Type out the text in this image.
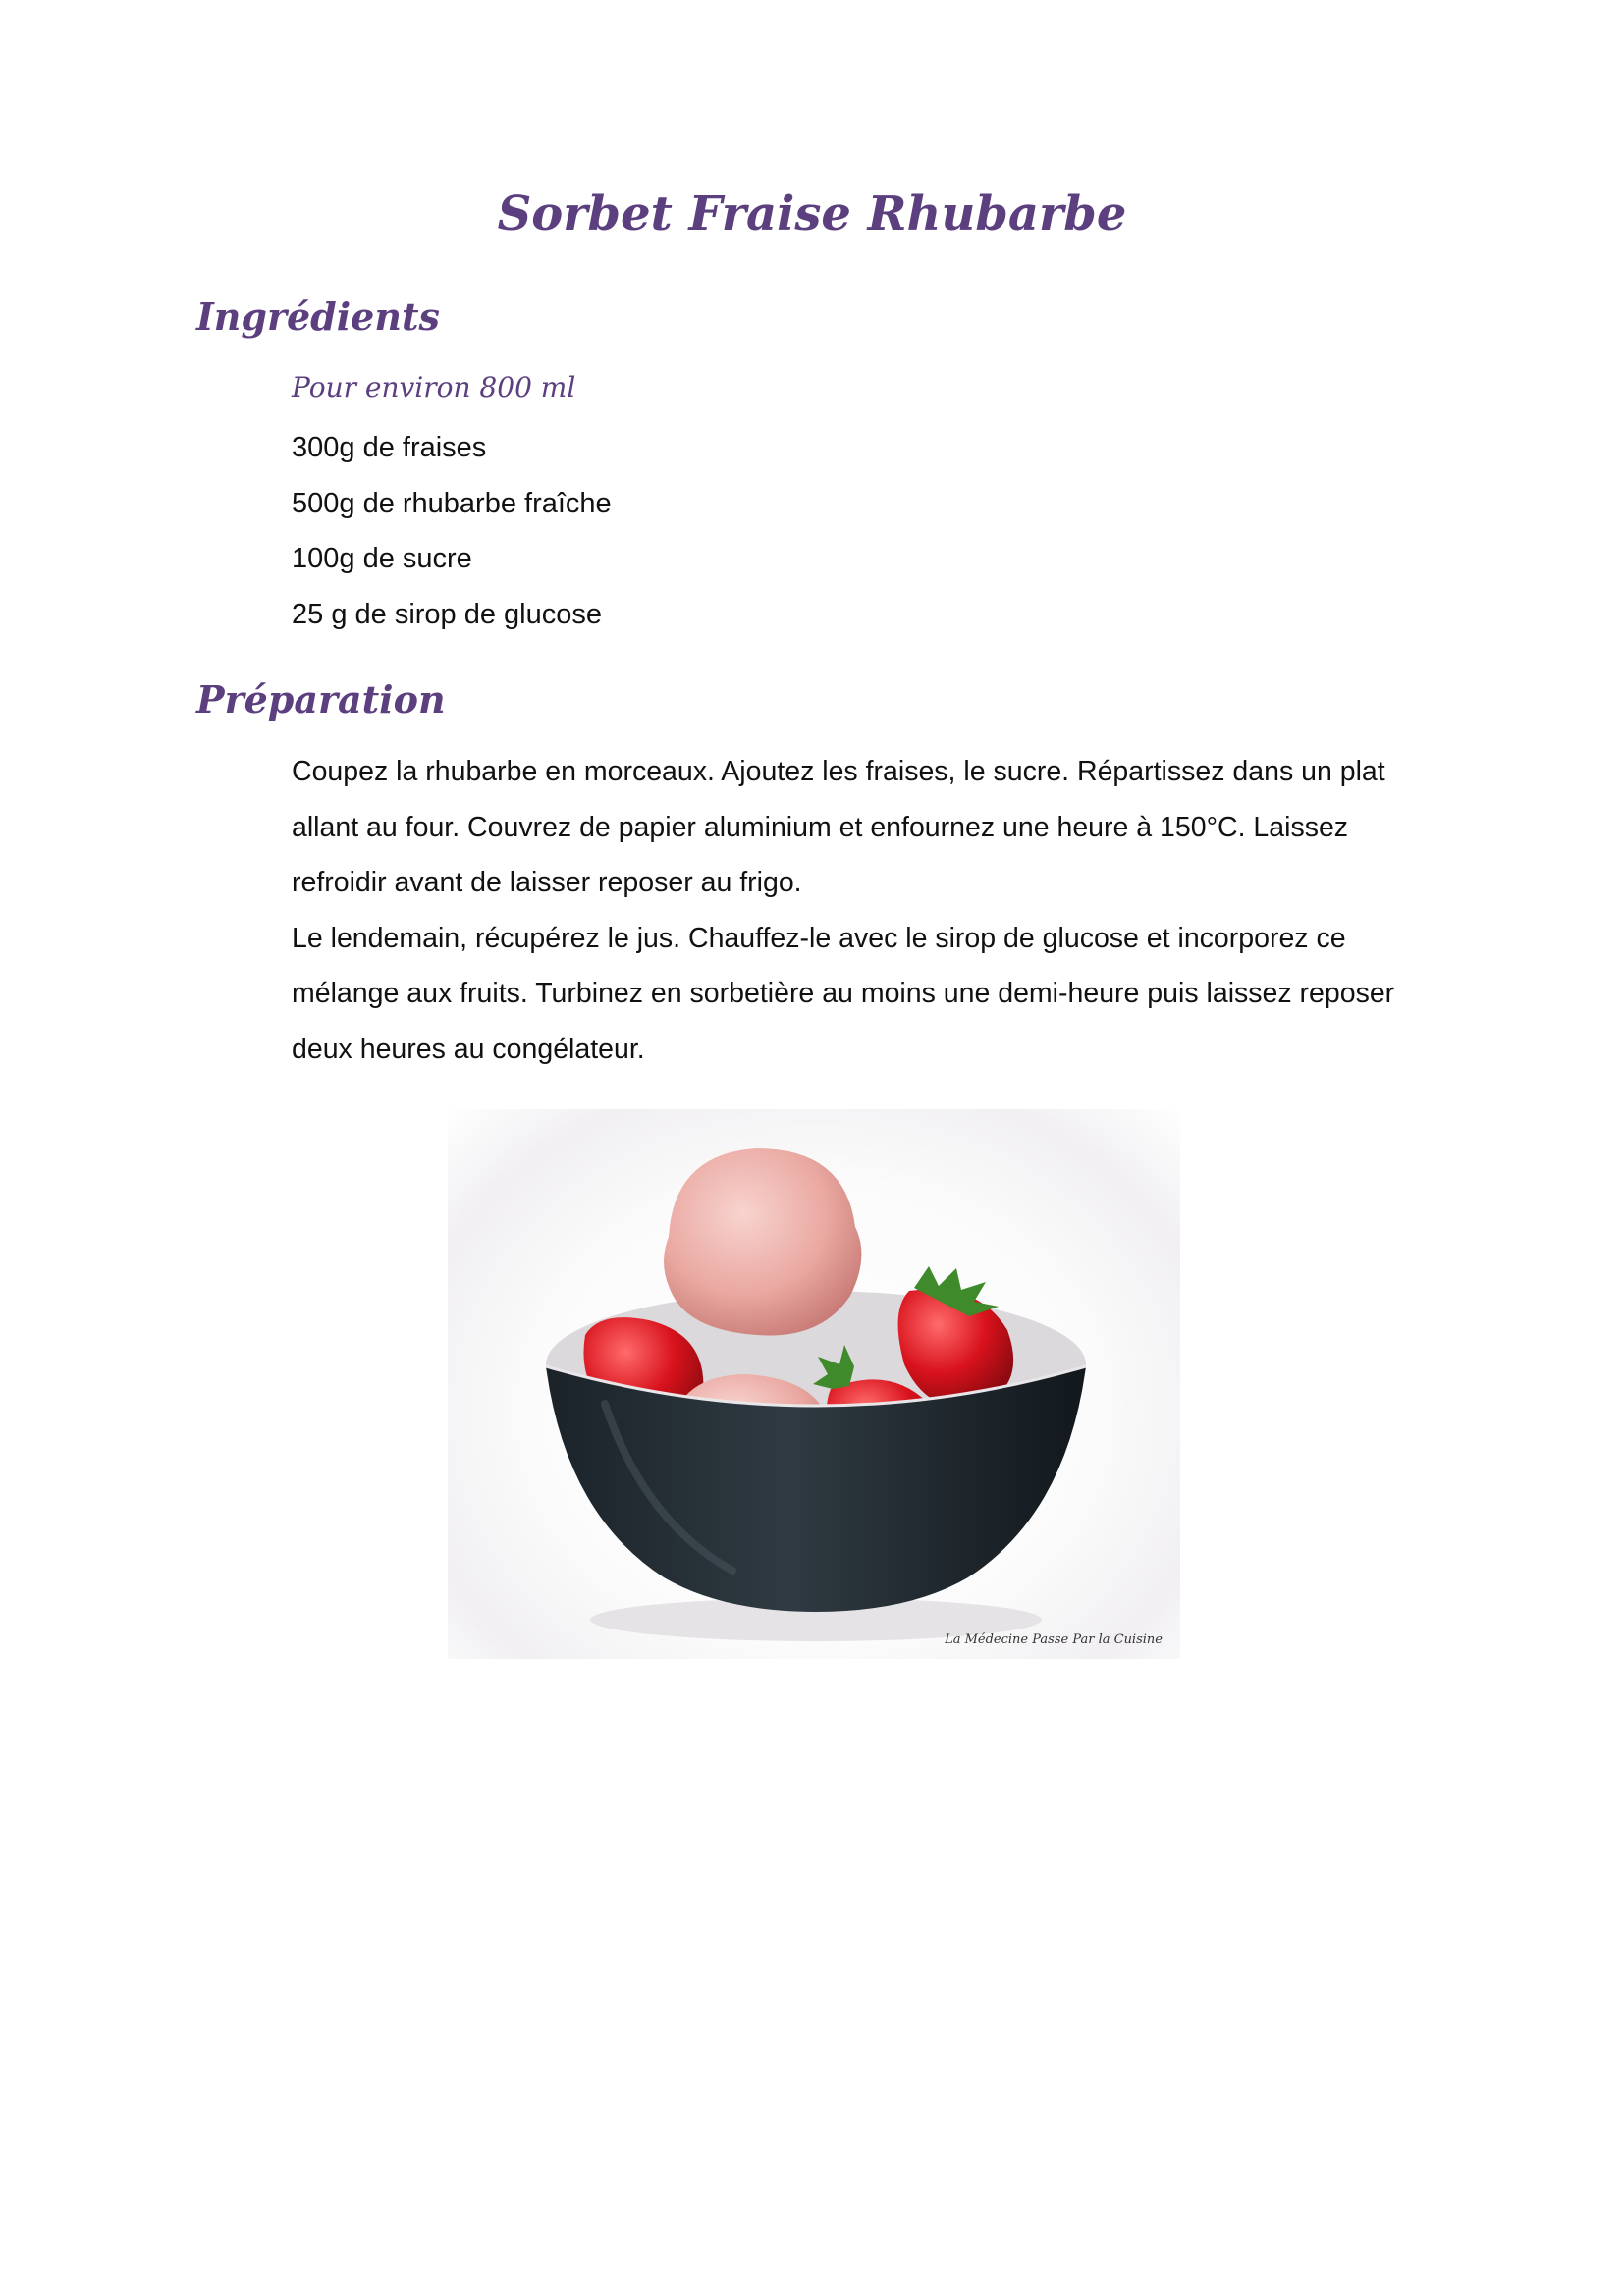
Sorbet Fraise Rhubarbe
Ingrédients
Pour environ 800 ml
300g de fraises
500g de rhubarbe fraîche
100g de sucre
25 g de sirop de glucose
Préparation

Coupez la rhubarbe en morceaux. Ajoutez les fraises, le sucre. Répartissez dans un plat allant au four. Couvrez de papier aluminium et enfournez une heure à 150°C. Laissez refroidir avant de laisser reposer au frigo.

Le lendemain, récupérez le jus. Chauffez-le avec le sirop de glucose et incorporez ce mélange aux fruits. Turbinez en sorbetière au moins une demi-heure puis laissez reposer deux heures au congélateur.

La Médecine Passe Par la Cuisine
